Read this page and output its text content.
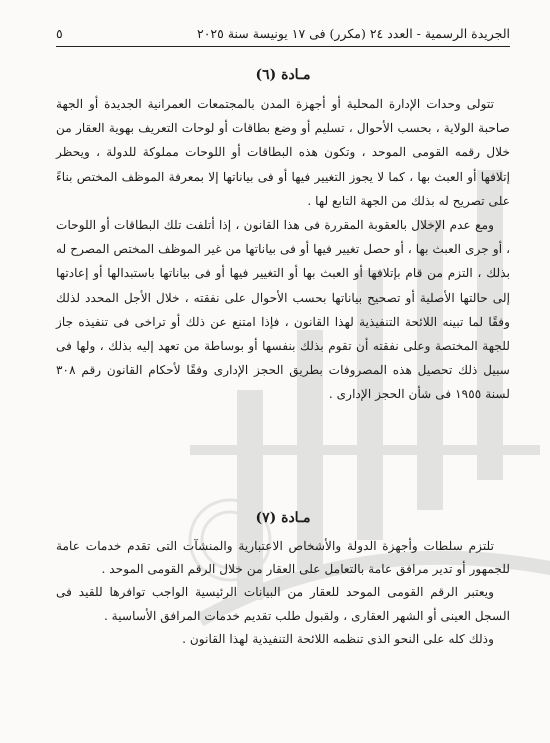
الجريدة الرسمية - العدد ٢٤ (مكرر) فى ١٧ يونيسة سنة ٢٠٢٥
٥
مـادة (٦)

تتولى وحدات الإدارة المحلية أو أجهزة المدن بالمجتمعات العمرانية الجديدة أو الجهة صاحبة الولاية ، بحسب الأحوال ، تسليم أو وضع بطاقات أو لوحات التعريف بهوية العقار من خلال رقمه القومى الموحد ، وتكون هذه البطاقات أو اللوحات مملوكة للدولة ، ويحظر إتلافها أو العبث بها ، كما لا يجوز التغيير فيها أو فى بياناتها إلا بمعرفة الموظف المختص بناءً على تصريح له بذلك من الجهة التابع لها .

ومع عدم الإخلال بالعقوبة المقررة فى هذا القانون ، إذا أتلفت تلك البطاقات أو اللوحات ، أو جرى العبث بها ، أو حصل تغيير فيها أو فى بياناتها من غير الموظف المختص المصرح له بذلك ، التزم من قام بإتلافها أو العبث بها أو التغيير فيها أو فى بياناتها باستبدالها أو إعادتها إلى حالتها الأصلية أو تصحيح بياناتها بحسب الأحوال على نفقته ، خلال الأجل المحدد لذلك وفقًا لما تبينه اللائحة التنفيذية لهذا القانون ، فإذا امتنع عن ذلك أو تراخى فى تنفيذه جاز للجهة المختصة وعلى نفقته أن تقوم بذلك بنفسها أو بوساطة من تعهد إليه بذلك ، ولها فى سبيل ذلك تحصيل هذه المصروفات بطريق الحجز الإدارى وفقًا لأحكام القانون رقم ٣٠٨ لسنة ١٩٥٥ فى شأن الحجز الإدارى .

مـادة (٧)

تلتزم سلطات وأجهزة الدولة والأشخاص الاعتبارية والمنشآت التى تقدم خدمات عامة للجمهور أو تدير مرافق عامة بالتعامل على العقار من خلال الرقم القومى الموحد .

ويعتبر الرقم القومى الموحد للعقار من البيانات الرئيسية الواجب توافرها للقيد فى السجل العينى أو الشهر العقارى ، ولقبول طلب تقديم خدمات المرافق الأساسية .

وذلك كله على النحو الذى تنظمه اللائحة التنفيذية لهذا القانون .
